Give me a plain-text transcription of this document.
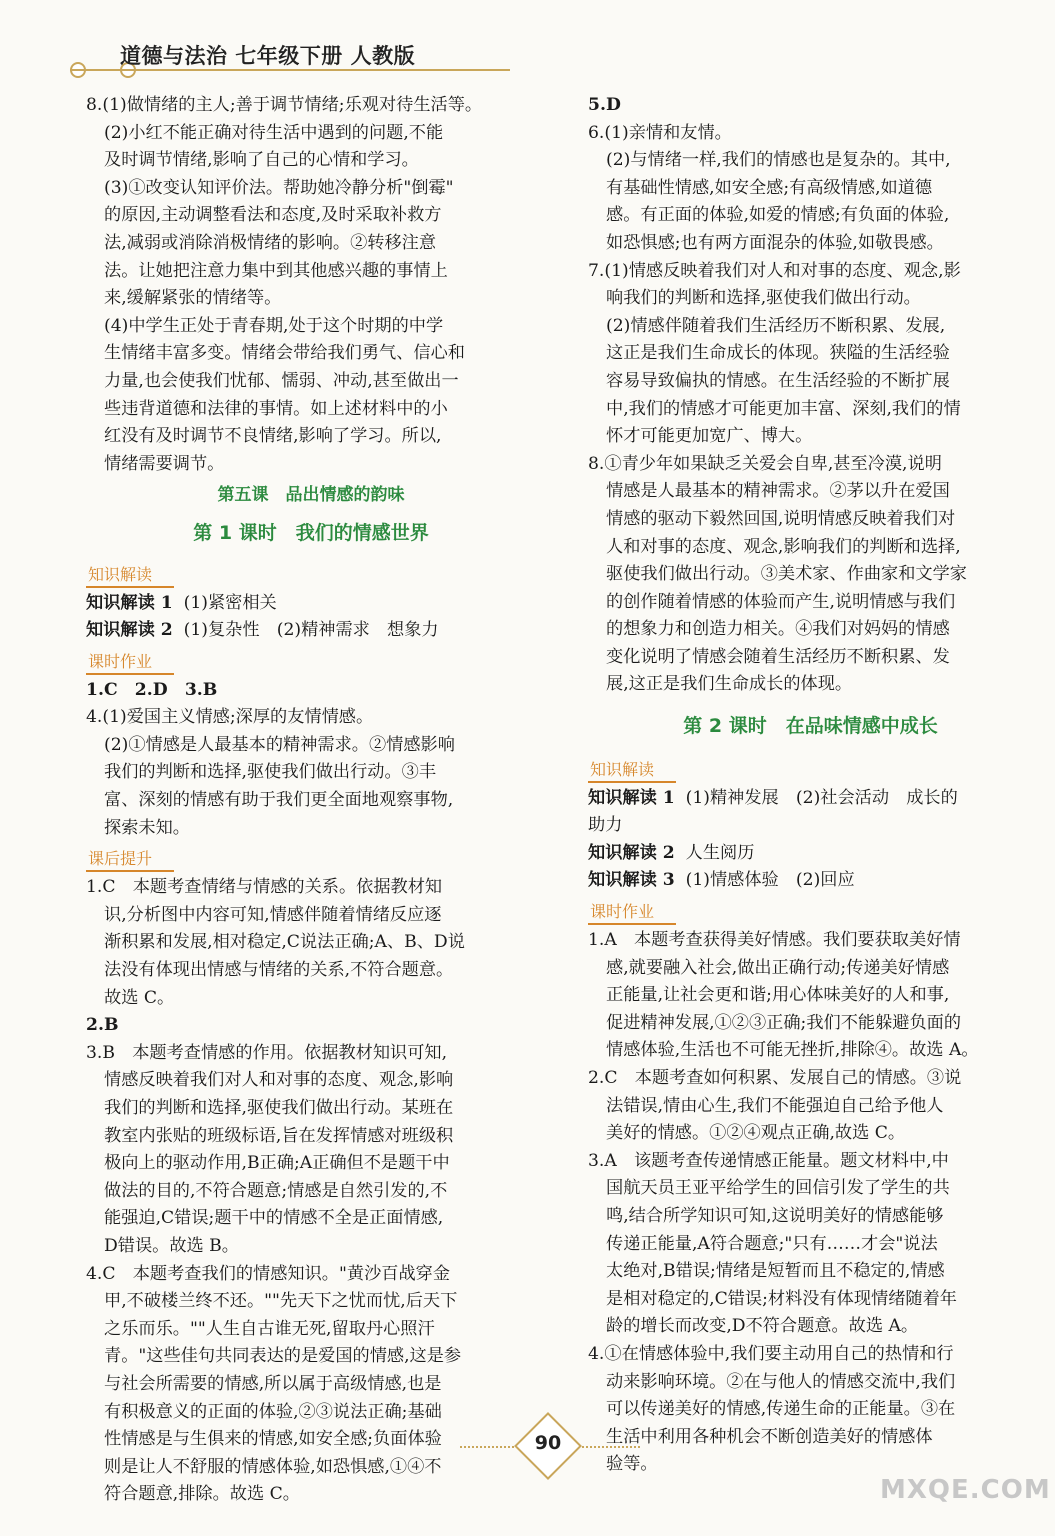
道德与法治 七年级下册 人教版
8.(1)做情绪的主人;善于调节情绪;乐观对待生活等。
(2)小红不能正确对待生活中遇到的问题,不能
及时调节情绪,影响了自己的心情和学习。
(3)①改变认知评价法。帮助她冷静分析"倒霉"
的原因,主动调整看法和态度,及时采取补救方
法,减弱或消除消极情绪的影响。②转移注意
法。让她把注意力集中到其他感兴趣的事情上
来,缓解紧张的情绪等。
(4)中学生正处于青春期,处于这个时期的中学
生情绪丰富多变。情绪会带给我们勇气、信心和
力量,也会使我们忧郁、懦弱、冲动,甚至做出一
些违背道德和法律的事情。如上述材料中的小
红没有及时调节不良情绪,影响了学习。所以,
情绪需要调节。
第五课　品出情感的韵味
第 1 课时　我们的情感世界
知识解读
知识解读 1 (1)紧密相关
知识解读 2 (1)复杂性　(2)精神需求　想象力
课时作业
1.C　2.D　3.B
4.(1)爱国主义情感;深厚的友情情感。
(2)①情感是人最基本的精神需求。②情感影响
我们的判断和选择,驱使我们做出行动。③丰
富、深刻的情感有助于我们更全面地观察事物,
探索未知。
课后提升
1.C　本题考查情绪与情感的关系。依据教材知
识,分析图中内容可知,情感伴随着情绪反应逐
渐积累和发展,相对稳定,C说法正确;A、B、D说
法没有体现出情感与情绪的关系,不符合题意。
故选 C。
2.B
3.B　本题考查情感的作用。依据教材知识可知,
情感反映着我们对人和对事的态度、观念,影响
我们的判断和选择,驱使我们做出行动。某班在
教室内张贴的班级标语,旨在发挥情感对班级积
极向上的驱动作用,B正确;A正确但不是题干中
做法的目的,不符合题意;情感是自然引发的,不
能强迫,C错误;题干中的情感不全是正面情感,
D错误。故选 B。
4.C　本题考查我们的情感知识。"黄沙百战穿金
甲,不破楼兰终不还。""先天下之忧而忧,后天下
之乐而乐。""人生自古谁无死,留取丹心照汗
青。"这些佳句共同表达的是爱国的情感,这是参
与社会所需要的情感,所以属于高级情感,也是
有积极意义的正面的体验,②③说法正确;基础
性情感是与生俱来的情感,如安全感;负面体验
则是让人不舒服的情感体验,如恐惧感,①④不
符合题意,排除。故选 C。
5.D
6.(1)亲情和友情。
(2)与情绪一样,我们的情感也是复杂的。其中,
有基础性情感,如安全感;有高级情感,如道德
感。有正面的体验,如爱的情感;有负面的体验,
如恐惧感;也有两方面混杂的体验,如敬畏感。
7.(1)情感反映着我们对人和对事的态度、观念,影
响我们的判断和选择,驱使我们做出行动。
(2)情感伴随着我们生活经历不断积累、发展,
这正是我们生命成长的体现。狭隘的生活经验
容易导致偏执的情感。在生活经验的不断扩展
中,我们的情感才可能更加丰富、深刻,我们的情
怀才可能更加宽广、博大。
8.①青少年如果缺乏关爱会自卑,甚至冷漠,说明
情感是人最基本的精神需求。②茅以升在爱国
情感的驱动下毅然回国,说明情感反映着我们对
人和对事的态度、观念,影响我们的判断和选择,
驱使我们做出行动。③美术家、作曲家和文学家
的创作随着情感的体验而产生,说明情感与我们
的想象力和创造力相关。④我们对妈妈的情感
变化说明了情感会随着生活经历不断积累、发
展,这正是我们生命成长的体现。
第 2 课时　在品味情感中成长
知识解读
知识解读 1 (1)精神发展　(2)社会活动　成长的
助力
知识解读 2 人生阅历
知识解读 3 (1)情感体验　(2)回应
课时作业
1.A　本题考查获得美好情感。我们要获取美好情
感,就要融入社会,做出正确行动;传递美好情感
正能量,让社会更和谐;用心体味美好的人和事,
促进精神发展,①②③正确;我们不能躲避负面的
情感体验,生活也不可能无挫折,排除④。故选 A。
2.C　本题考查如何积累、发展自己的情感。③说
法错误,情由心生,我们不能强迫自己给予他人
美好的情感。①②④观点正确,故选 C。
3.A　该题考查传递情感正能量。题文材料中,中
国航天员王亚平给学生的回信引发了学生的共
鸣,结合所学知识可知,这说明美好的情感能够
传递正能量,A符合题意;"只有……才会"说法
太绝对,B错误;情绪是短暂而且不稳定的,情感
是相对稳定的,C错误;材料没有体现情绪随着年
龄的增长而改变,D不符合题意。故选 A。
4.①在情感体验中,我们要主动用自己的热情和行
动来影响环境。②在与他人的情感交流中,我们
可以传递美好的情感,传递生命的正能量。③在
生活中利用各种机会不断创造美好的情感体
验等。
90
MXQE.COM
